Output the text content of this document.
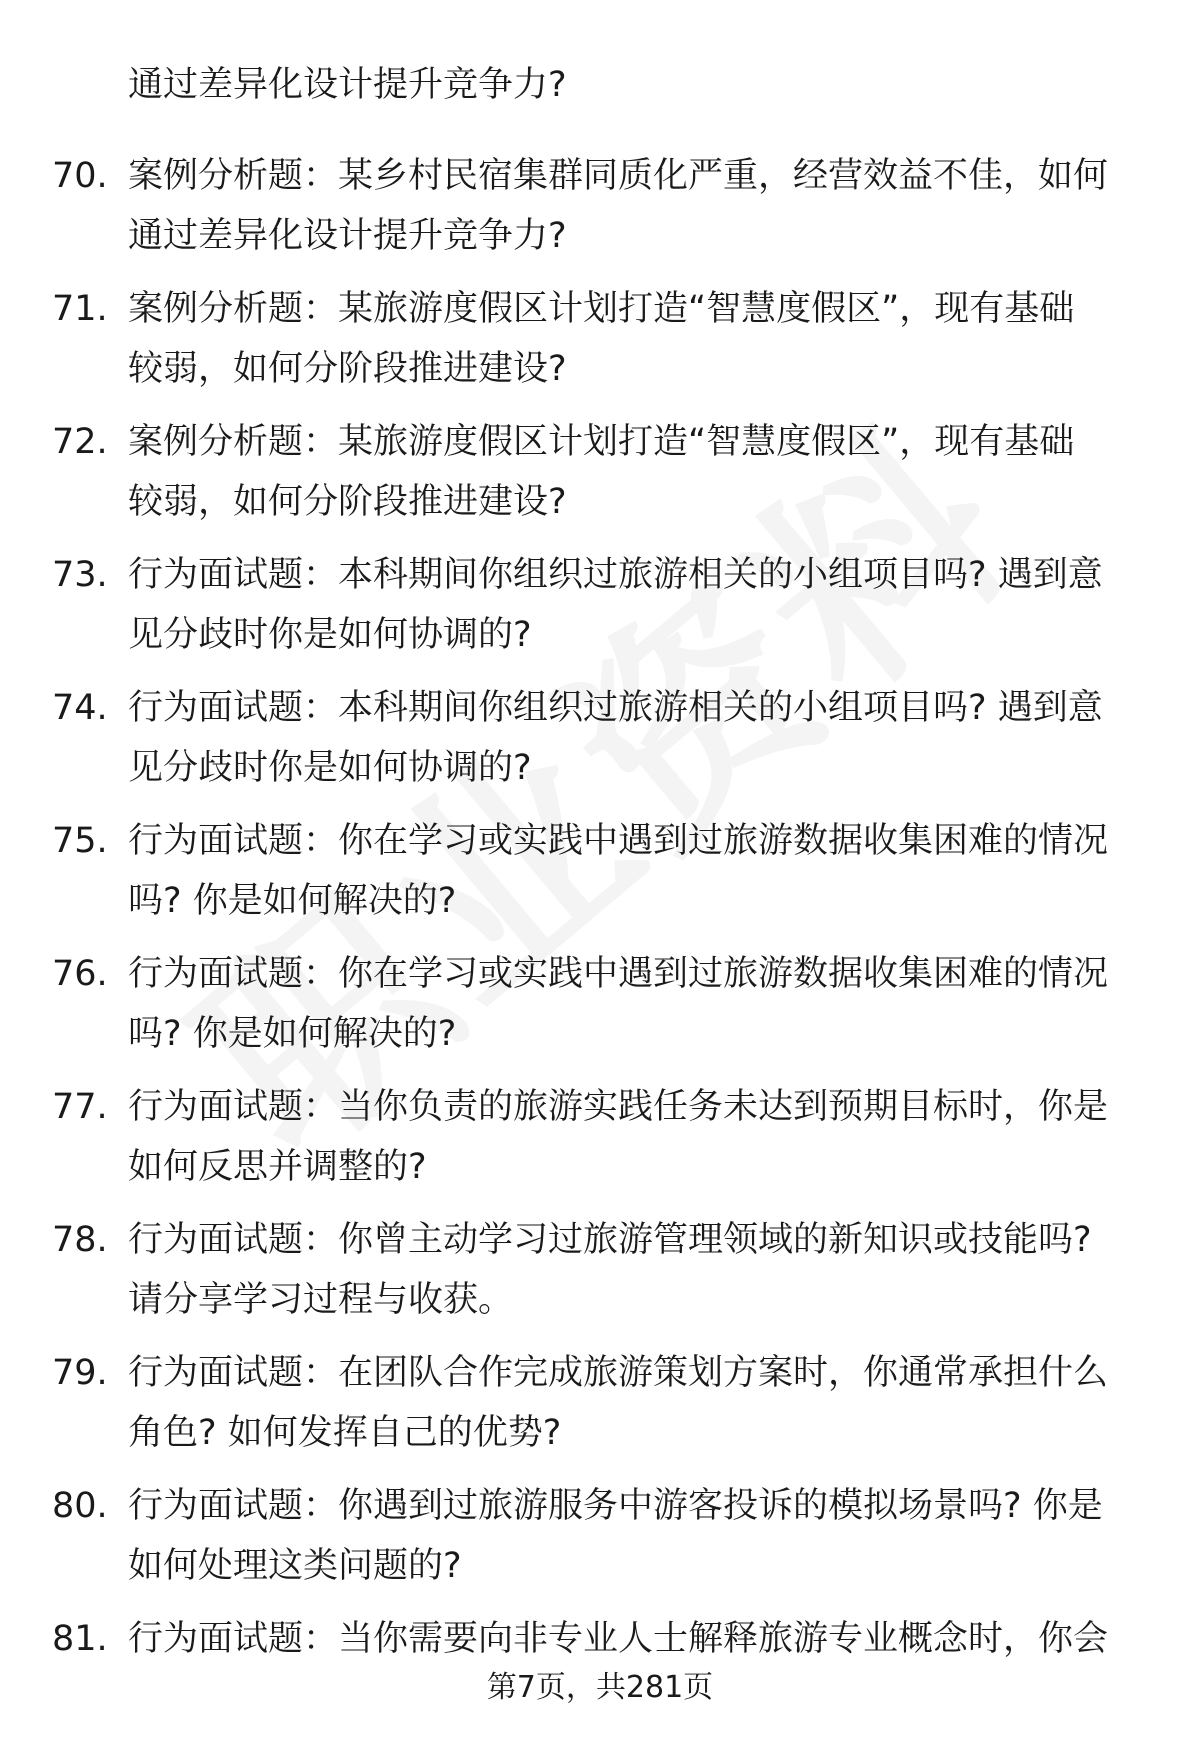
通过差异化设计提升竞争力?
70. 案例分析题：某乡村民宿集群同质化严重，经营效益不佳，如何
通过差异化设计提升竞争力?
71. 案例分析题：某旅游度假区计划打造“智慧度假区”，现有基础
较弱，如何分阶段推进建设?
72. 案例分析题：某旅游度假区计划打造“智慧度假区”，现有基础
较弱，如何分阶段推进建设?
73. 行为面试题：本科期间你组织过旅游相关的小组项目吗? 遇到意
见分歧时你是如何协调的?
74. 行为面试题：本科期间你组织过旅游相关的小组项目吗? 遇到意
见分歧时你是如何协调的?
75. 行为面试题：你在学习或实践中遇到过旅游数据收集困难的情况
吗? 你是如何解决的?
76. 行为面试题：你在学习或实践中遇到过旅游数据收集困难的情况
吗? 你是如何解决的?
77. 行为面试题：当你负责的旅游实践任务未达到预期目标时，你是
如何反思并调整的?
78. 行为面试题：你曾主动学习过旅游管理领域的新知识或技能吗?
请分享学习过程与收获。
79. 行为面试题：在团队合作完成旅游策划方案时，你通常承担什么
角色? 如何发挥自己的优势?
80. 行为面试题：你遇到过旅游服务中游客投诉的模拟场景吗? 你是
如何处理这类问题的?
81. 行为面试题：当你需要向非专业人士解释旅游专业概念时，你会
第7页，共281页
